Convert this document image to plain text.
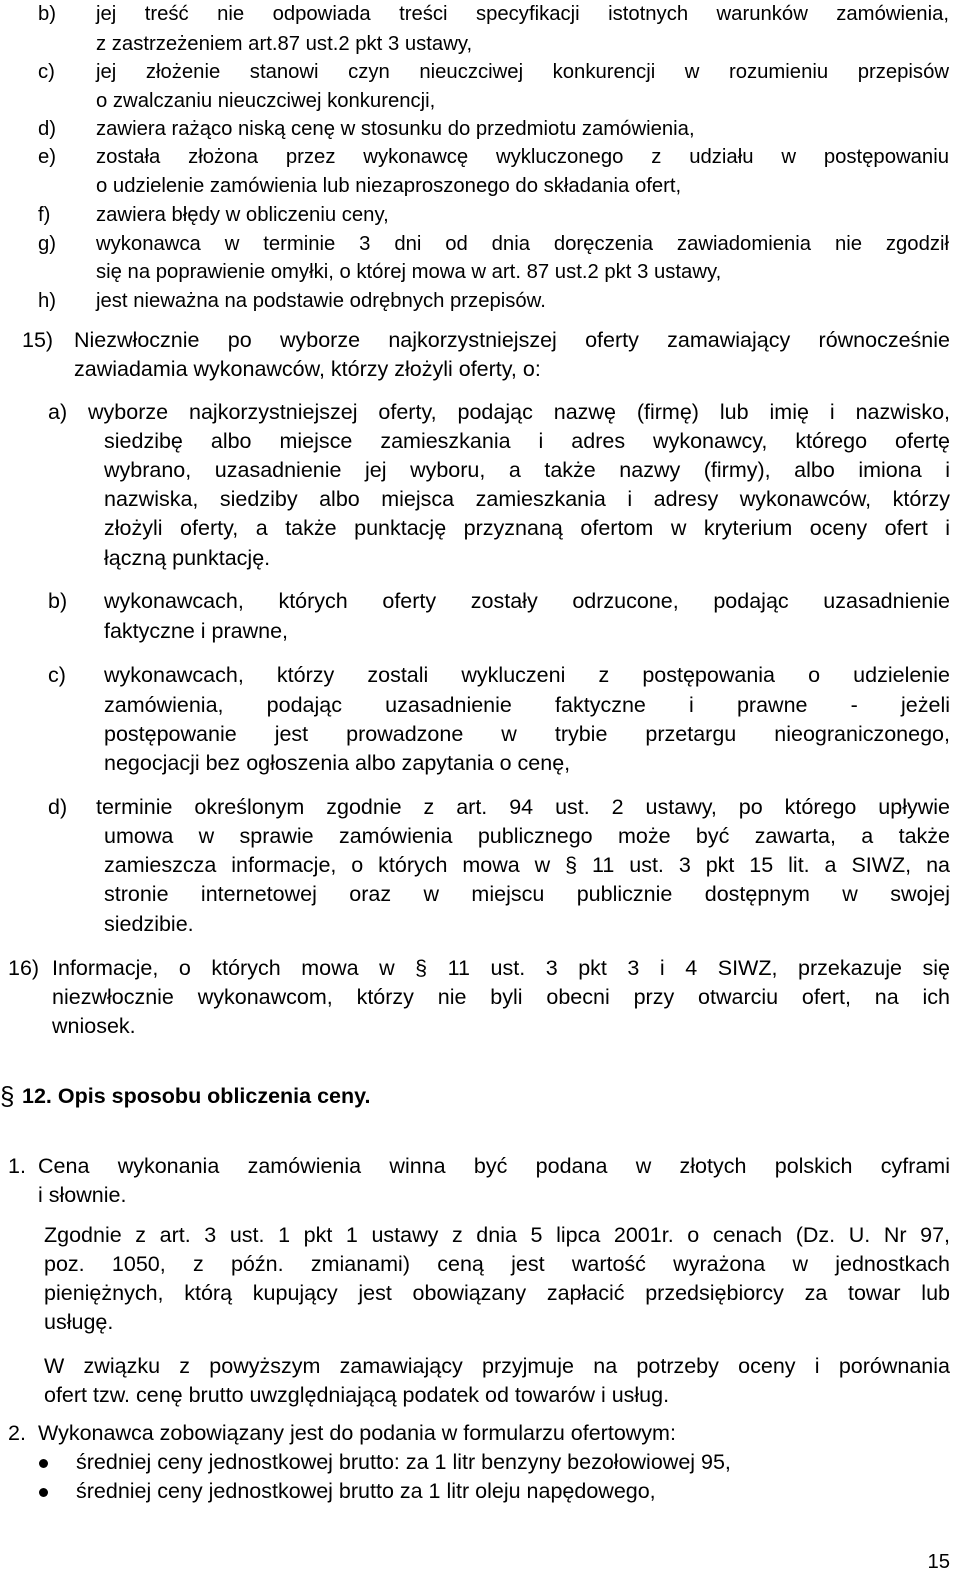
b) jej treść nie odpowiada treści specyfikacji istotnych warunków zamówienia,

z zastrzeżeniem art.87 ust.2 pkt 3 ustawy,

c) jej złożenie stanowi czyn nieuczciwej konkurencji w rozumieniu przepisów

o zwalczaniu nieuczciwej konkurencji,

d) zawiera rażąco niską cenę w stosunku do przedmiotu zamówienia,

e) została złożona przez wykonawcę wykluczonego z udziału w postępowaniu

o udzielenie zamówienia lub niezaproszonego do składania ofert,

f) zawiera błędy w obliczeniu ceny,

g) wykonawca w terminie 3 dni od dnia doręczenia zawiadomienia nie zgodził

się na poprawienie omyłki, o której mowa w art. 87 ust.2 pkt 3 ustawy,

h) jest nieważna na podstawie odrębnych przepisów.

15) Niezwłocznie po wyborze najkorzystniejszej oferty zamawiający równocześnie

zawiadamia wykonawców, którzy złożyli oferty, o:

a) wyborze najkorzystniejszej oferty, podając nazwę (firmę) lub imię i nazwisko,

siedzibę albo miejsce zamieszkania i adres wykonawcy, którego ofertę

wybrano, uzasadnienie jej wyboru, a także nazwy (firmy), albo imiona i

nazwiska, siedziby albo miejsca zamieszkania i adresy wykonawców, którzy

złożyli oferty, a także punktację przyznaną ofertom w kryterium oceny ofert i

łączną punktację.

b) wykonawcach, których oferty zostały odrzucone, podając uzasadnienie

faktyczne i prawne,

c) wykonawcach, którzy zostali wykluczeni z postępowania o udzielenie

zamówienia, podając uzasadnienie faktyczne i prawne - jeżeli

postępowanie jest prowadzone w trybie przetargu nieograniczonego,

negocjacji bez ogłoszenia albo zapytania o cenę,

d) terminie określonym zgodnie z art. 94 ust. 2 ustawy, po którego upływie

umowa w sprawie zamówienia publicznego może być zawarta, a także

zamieszcza informacje, o których mowa w § 11 ust. 3 pkt 15 lit. a SIWZ, na

stronie internetowej oraz w miejscu publicznie dostępnym w swojej

siedzibie.

16) Informacje, o których mowa w § 11 ust. 3 pkt 3 i 4 SIWZ, przekazuje się

niezwłocznie wykonawcom, którzy nie byli obecni przy otwarciu ofert, na ich

wniosek.

§ 12. Opis sposobu obliczenia ceny.
1. Cena wykonania zamówienia winna być podana w złotych polskich cyframi

i słownie.

Zgodnie z art. 3 ust. 1 pkt 1 ustawy z dnia 5 lipca 2001r. o cenach (Dz. U. Nr 97,

poz. 1050, z późn. zmianami) ceną jest wartość wyrażona w jednostkach

pieniężnych, którą kupujący jest obowiązany zapłacić przedsiębiorcy za towar lub

usługę.

W związku z powyższym zamawiający przyjmuje na potrzeby oceny i porównania

ofert tzw. cenę brutto uwzględniającą podatek od towarów i usług.

2. Wykonawca zobowiązany jest do podania w formularzu ofertowym:

średniej ceny jednostkowej brutto: za 1 litr benzyny bezołowiowej 95,

średniej ceny jednostkowej brutto za 1 litr oleju napędowego,

15
